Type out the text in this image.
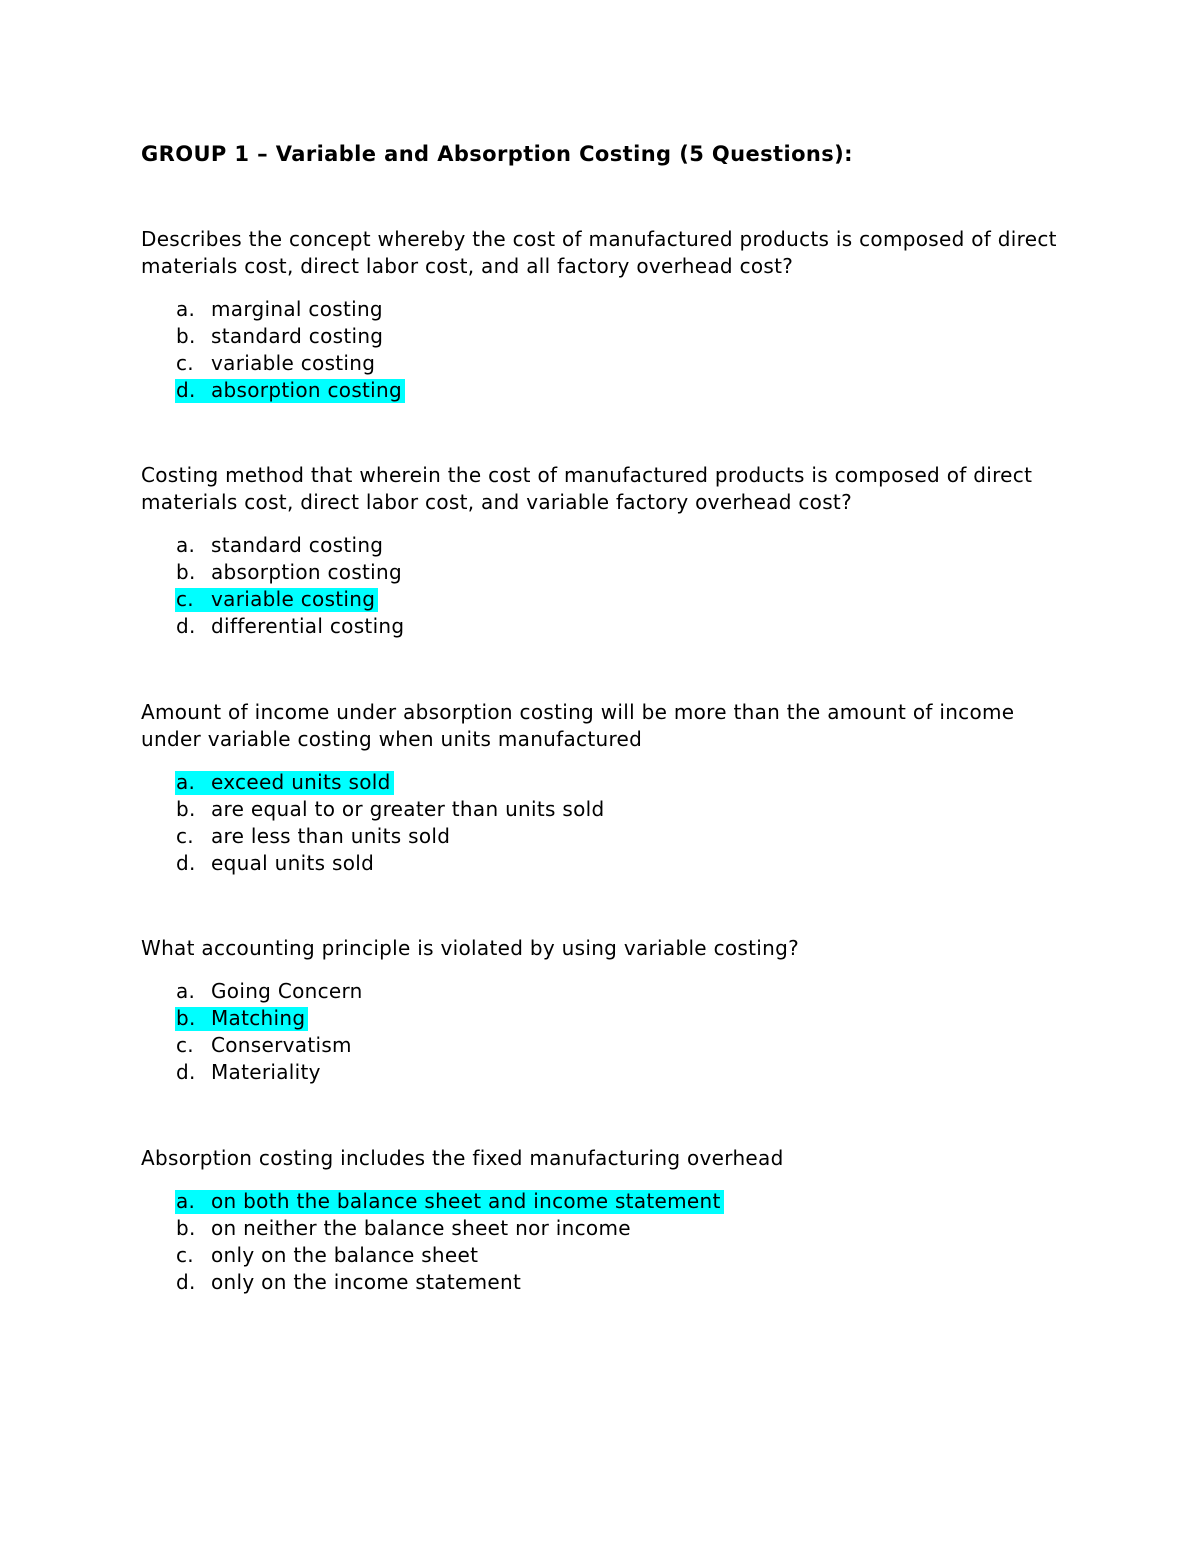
GROUP 1 – Variable and Absorption Costing (5 Questions):
Describes the concept whereby the cost of manufactured products is composed of direct materials cost, direct labor cost, and all factory overhead cost?
a. marginal costing
b. standard costing
c. variable costing
d. absorption costing
Costing method that wherein the cost of manufactured products is composed of direct materials cost, direct labor cost, and variable factory overhead cost?
a. standard costing
b. absorption costing
c. variable costing
d. differential costing
Amount of income under absorption costing will be more than the amount of income under variable costing when units manufactured
a. exceed units sold
b. are equal to or greater than units sold
c. are less than units sold
d. equal units sold
What accounting principle is violated by using variable costing?
a. Going Concern
b. Matching
c. Conservatism
d. Materiality
Absorption costing includes the fixed manufacturing overhead
a. on both the balance sheet and income statement
b. on neither the balance sheet nor income
c. only on the balance sheet
d. only on the income statement
